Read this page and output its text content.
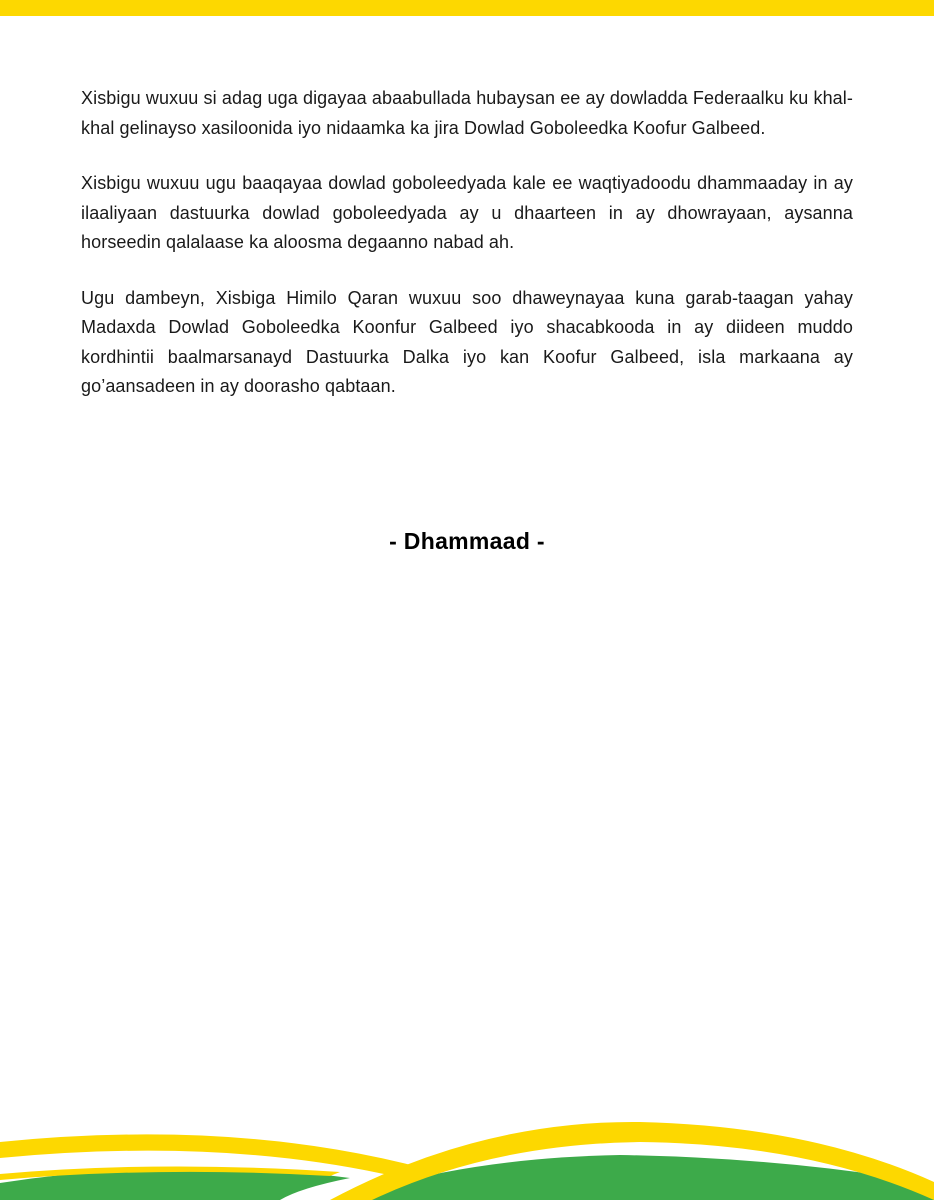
Xisbigu wuxuu si adag uga digayaa abaabullada hubaysan ee ay dowladda Federaalku ku khal-khal gelinayso xasiloonida iyo nidaamka ka jira Dowlad Goboleedka Koofur Galbeed.

Xisbigu wuxuu ugu baaqayaa dowlad goboleedyada kale ee waqtiyadoodu dhammaaday in ay ilaaliyaan dastuurka dowlad goboleedyada ay u dhaarteen in ay dhowrayaan, aysanna horseedin qalalaase ka aloosma degaanno nabad ah.

Ugu dambeyn, Xisbiga Himilo Qaran wuxuu soo dhaweynayaa kuna garab-taagan yahay Madaxda Dowlad Goboleedka Koonfur Galbeed iyo shacabkooda in ay diideen muddo kordhintii baalmarsanayd Dastuurka Dalka iyo kan Koofur Galbeed, isla markaana ay go’aansadeen in ay doorasho qabtaan.

- Dhammaad -
